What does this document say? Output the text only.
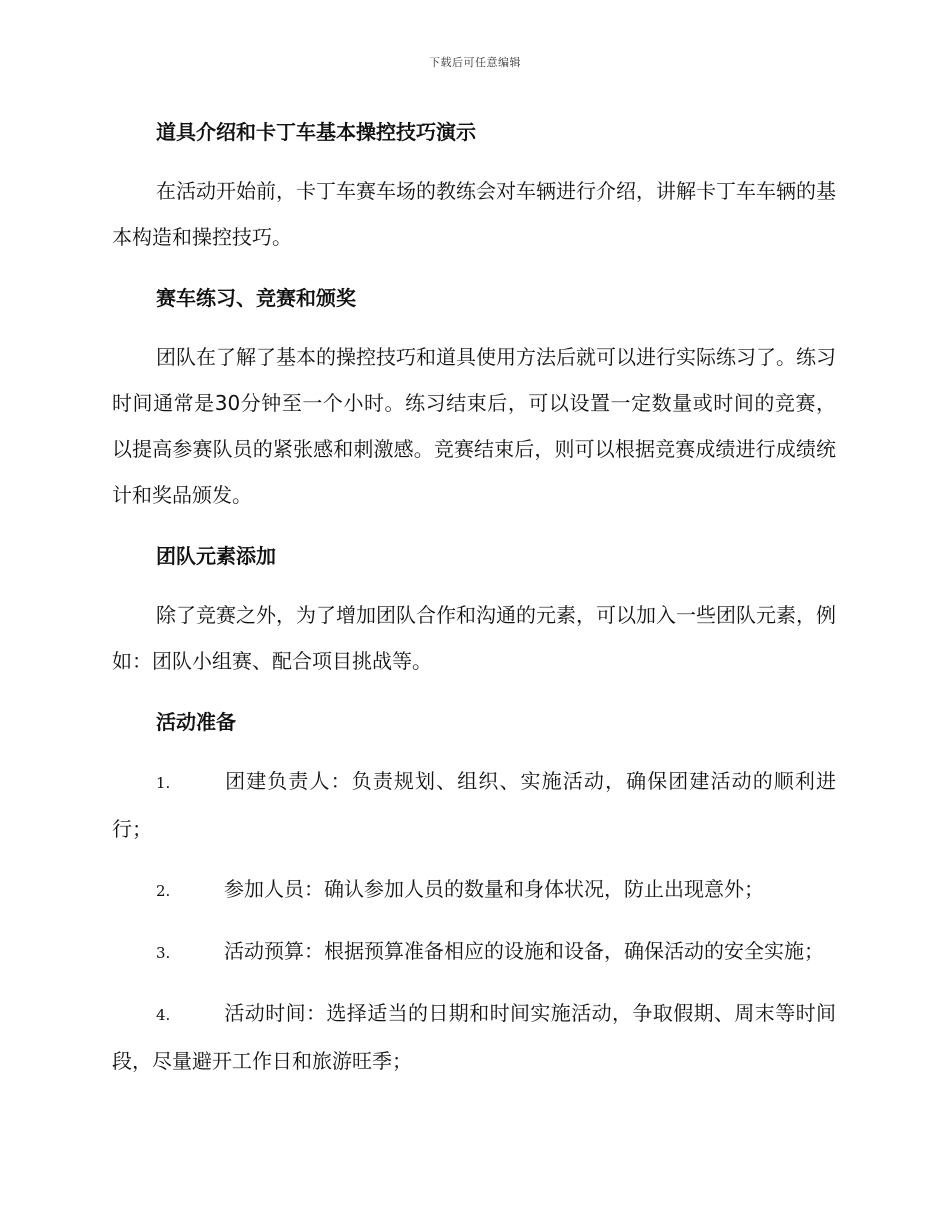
下载后可任意编辑
道具介绍和卡丁车基本操控技巧演示

在活动开始前，卡丁车赛车场的教练会对车辆进行介绍，讲解卡丁车车辆的基本构造和操控技巧。

赛车练习、竞赛和颁奖

团队在了解了基本的操控技巧和道具使用方法后就可以进行实际练习了。练习时间通常是30分钟至一个小时。练习结束后，可以设置一定数量或时间的竞赛，以提高参赛队员的紧张感和刺激感。竞赛结束后，则可以根据竞赛成绩进行成绩统计和奖品颁发。

团队元素添加

除了竞赛之外，为了增加团队合作和沟通的元素，可以加入一些团队元素，例如：团队小组赛、配合项目挑战等。

活动准备

1.	团建负责人：负责规划、组织、实施活动，确保团建活动的顺利进行；

2.	参加人员：确认参加人员的数量和身体状况，防止出现意外；

3.	活动预算：根据预算准备相应的设施和设备，确保活动的安全实施；

4.	活动时间：选择适当的日期和时间实施活动，争取假期、周末等时间段，尽量避开工作日和旅游旺季；
